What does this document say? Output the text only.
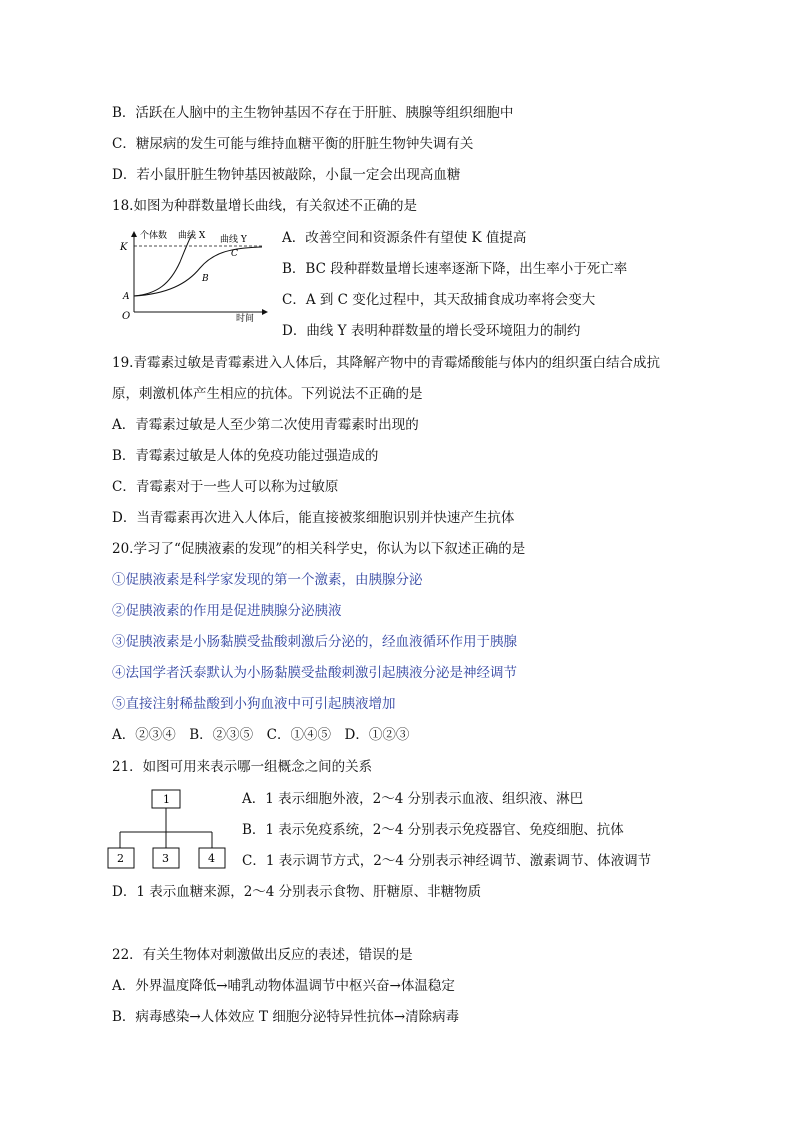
B．活跃在人脑中的主生物钟基因不存在于肝脏、胰腺等组织细胞中
C．糖尿病的发生可能与维持血糖平衡的肝脏生物钟失调有关
D．若小鼠肝脏生物钟基因被敲除，小鼠一定会出现高血糖
18.如图为种群数量增长曲线，有关叙述不正确的是
K
O
个体数
时间
曲线 X 曲线 Y
A
B
C
A．改善空间和资源条件有望使 K 值提高
B．BC 段种群数量增长速率逐渐下降，出生率小于死亡率
C．A 到 C 变化过程中，其天敌捕食成功率将会变大
D．曲线 Y 表明种群数量的增长受环境阻力的制约
19.青霉素过敏是青霉素进入人体后，其降解产物中的青霉烯酸能与体内的组织蛋白结合成抗
原，刺激机体产生相应的抗体。下列说法不正确的是
A．青霉素过敏是人至少第二次使用青霉素时出现的
B．青霉素过敏是人体的免疫功能过强造成的
C．青霉素对于一些人可以称为过敏原
D．当青霉素再次进入人体后，能直接被浆细胞识别并快速产生抗体
20.学习了“促胰液素的发现”的相关科学史，你认为以下叙述正确的是
①促胰液素是科学家发现的第一个激素，由胰腺分泌
②促胰液素的作用是促进胰腺分泌胰液
③促胰液素是小肠黏膜受盐酸刺激后分泌的，经血液循环作用于胰腺
④法国学者沃泰默认为小肠黏膜受盐酸刺激引起胰液分泌是神经调节
⑤直接注射稀盐酸到小狗血液中可引起胰液增加
A．②③④　B．②③⑤　C．①④⑤　D．①②③
21．如图可用来表示哪一组概念之间的关系
1
2	3	4
A．1 表示细胞外液，2～4 分别表示血液、组织液、淋巴
B．1 表示免疫系统，2～4 分别表示免疫器官、免疫细胞、抗体
C．1 表示调节方式，2～4 分别表示神经调节、激素调节、体液调节
D．1 表示血糖来源，2～4 分别表示食物、肝糖原、非糖物质
22．有关生物体对刺激做出反应的表述，错误的是
A．外界温度降低→哺乳动物体温调节中枢兴奋→体温稳定
B．病毒感染→人体效应 T 细胞分泌特异性抗体→清除病毒
